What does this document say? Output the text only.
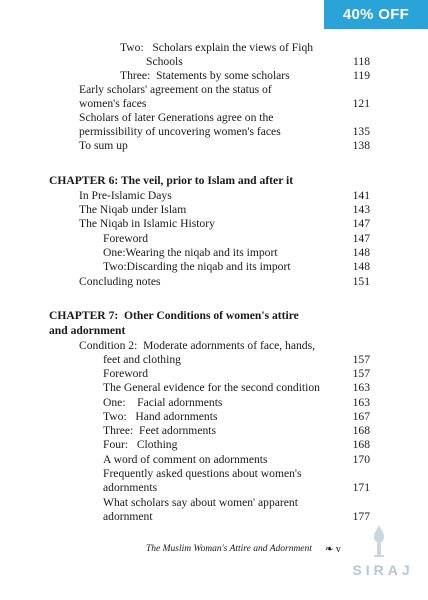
40% OFF
Two:   Scholars explain the views of Fiqh
Schools	118
Three:  Statements by some scholars	119
Early scholars' agreement on the status of
women's faces	121
Scholars of later Generations agree on the
permissibility of uncovering women's faces	135
To sum up	138
CHAPTER 6: The veil, prior to Islam and after it
In Pre-Islamic Days	141
The Niqab under Islam	143
The Niqab in Islamic History	147
Foreword	147
One:Wearing the niqab and its import	148
Two:Discarding the niqab and its import	148
Concluding notes	151
CHAPTER 7:  Other Conditions of women's attire
and adornment
Condition 2:  Moderate adornments of face, hands,
feet and clothing	157
Foreword	157
The General evidence for the second condition	163
One:    Facial adornments	163
Two:   Hand adornments	167
Three:  Feet adornments	168
Four:   Clothing	168
A word of comment on adornments	170
Frequently asked questions about women's
adornments	171
What scholars say about women' apparent
adornment	177
The Muslim Woman's Attire and Adornment ❧ v
SIRAJ
